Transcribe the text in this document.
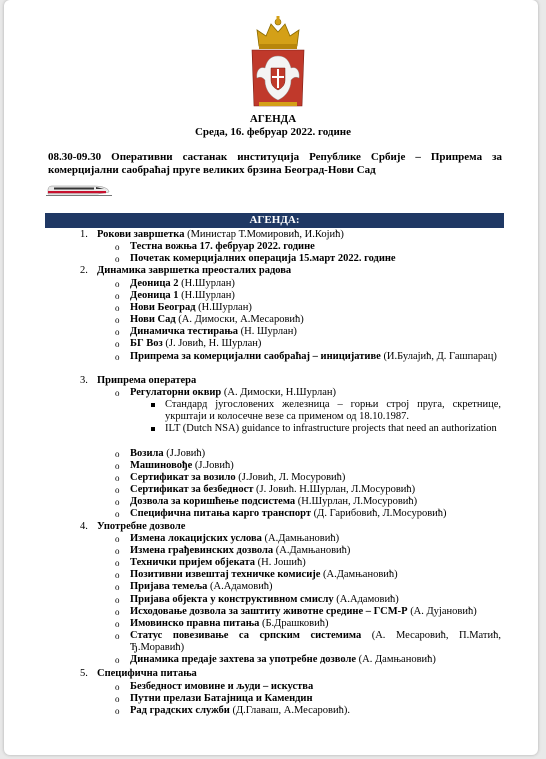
АГЕНДА
Среда, 16. фебруар 2022. године
08.30-09.30 Оперативни састанак институција Републике Србије – Припрема за комерцијални саобраћај пруге великих брзина Београд-Нови Сад
АГЕНДА:
1. Рокови завршетка (Министар Т.Момировић, И.Којић)
o Тестна вожња 17. фебруар 2022. године
o Почетак комерцијалних операција 15.март 2022. године
2. Динамика завршетка преосталих радова
o Деоница 2 (Н.Шурлан)
o Деоница 1 (Н.Шурлан)
o Нови Београд (Н.Шурлан)
o Нови Сад (А. Димоски, А.Месаровић)
o Динамичка тестирања (Н. Шурлан)
o БГ Воз (J. Јовић, Н. Шурлан)
o Припрема за комерцијални саобраћај – иницијативе (И.Булајић, Д. Гашпарац)
3. Припрема оператера
o Регулаторни оквир (А. Димоски, Н.Шурлан)
Стандард југословених железница – горњи строј пруга, скретнице, укрштаји и колосечне везе са применом од 18.10.1987.
ILT (Dutch NSA) guidance to infrastructure projects that need an authorization
o Возила (J.Јовић)
o Машиновође (J.Јовић)
o Сертификат за возило (J.Јовић, Л. Мосуровић)
o Сертификат за безбедност (J. Јовић. Н.Шурлан, Л.Мосуровић)
o Дозвола за коришћење подсистема (Н.Шурлан, Л.Мосуровић)
o Специфична питања карго транспорт (Д. Гарибовић, Л.Мосуровић)
4. Употребне дозволе
o Измена локацијских услова (А.Дамњановић)
o Измена грађевинских дозвола (А.Дамњановић)
o Технички пријем објеката (Н. Јошић)
o Позитивни извештај техничке комисије (А.Дамњановић)
o Пријава темеља (А.Адамовић)
o Пријава објекта у конструктивном смислу (А.Адамовић)
o Исходовање дозвола за заштиту животне средине – ГСМ-Р (А. Дујановић)
o Имовинско правна питања (Б.Драшковић)
o Статус повезивање са српским системима (А. Месаровић, П.Матић, Ђ.Моравић)
o Динамика предаје захтева за употребне дозволе (А. Дамњановић)
5. Специфична питања
o Безбедност имовине и људи – искуства
o Путни прелази Батајница и Камендин
o Рад градских служби (Д.Главаш, А.Месаровић).
